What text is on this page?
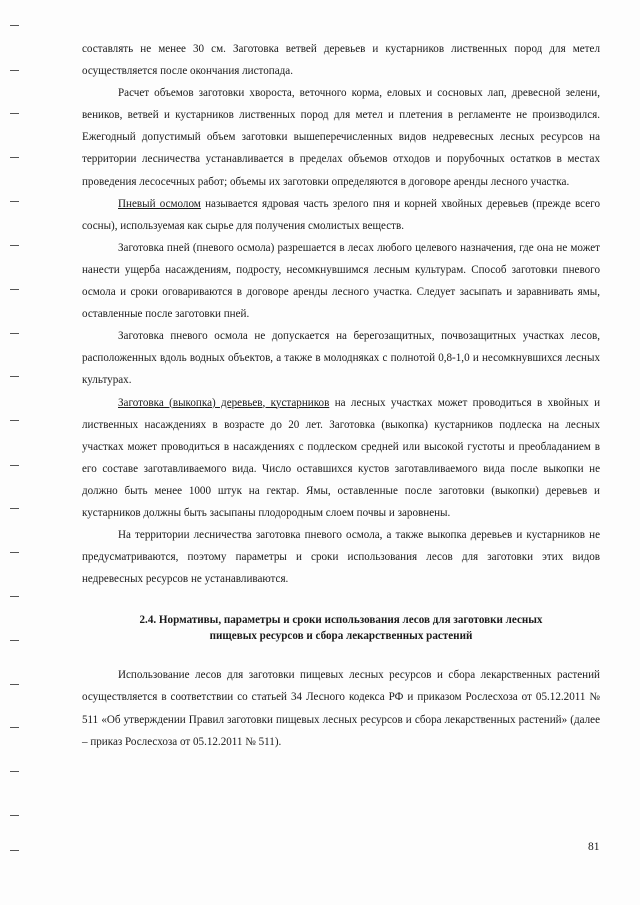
составлять не менее 30 см. Заготовка ветвей деревьев и кустарников лиственных пород для метел осуществляется после окончания листопада.

Расчет объемов заготовки хвороста, веточного корма, еловых и сосновых лап, древесной зелени, веников, ветвей и кустарников лиственных пород для метел и плетения в регламенте не производился. Ежегодный допустимый объем заготовки вышеперечисленных видов недревесных лесных ресурсов на территории лесничества устанавливается в пределах объемов отходов и порубочных остатков в местах проведения лесосечных работ; объемы их заготовки определяются в договоре аренды лесного участка.

Пневый осмолом называется ядровая часть зрелого пня и корней хвойных деревьев (прежде всего сосны), используемая как сырье для получения смолистых веществ.

Заготовка пней (пневого осмола) разрешается в лесах любого целевого назначения, где она не может нанести ущерба насаждениям, подросту, несомкнувшимся лесным культурам. Способ заготовки пневого осмола и сроки оговариваются в договоре аренды лесного участка. Следует засыпать и заравнивать ямы, оставленные после заготовки пней.

Заготовка пневого осмола не допускается на берегозащитных, почвозащитных участках лесов, расположенных вдоль водных объектов, а также в молодняках с полнотой 0,8-1,0 и несомкнувшихся лесных культурах.

Заготовка (выкопка) деревьев, кустарников на лесных участках может проводиться в хвойных и лиственных насаждениях в возрасте до 20 лет. Заготовка (выкопка) кустарников подлеска на лесных участках может проводиться в насаждениях с подлеском средней или высокой густоты и преобладанием в его составе заготавливаемого вида. Число оставшихся кустов заготавливаемого вида после выкопки не должно быть менее 1000 штук на гектар. Ямы, оставленные после заготовки (выкопки) деревьев и кустарников должны быть засыпаны плодородным слоем почвы и заровнены.

На территории лесничества заготовка пневого осмола, а также выкопка деревьев и кустарников не предусматриваются, поэтому параметры и сроки использования лесов для заготовки этих видов недревесных ресурсов не устанавливаются.

2.4. Нормативы, параметры и сроки использования лесов для заготовки лесных
пищевых ресурсов и сбора лекарственных растений

Использование лесов для заготовки пищевых лесных ресурсов и сбора лекарственных растений осуществляется в соответствии со статьей 34 Лесного кодекса РФ и приказом Рослесхоза от 05.12.2011 № 511 «Об утверждении Правил заготовки пищевых лесных ресурсов и сбора лекарственных растений» (далее – приказ Рослесхоза от 05.12.2011 № 511).

81
